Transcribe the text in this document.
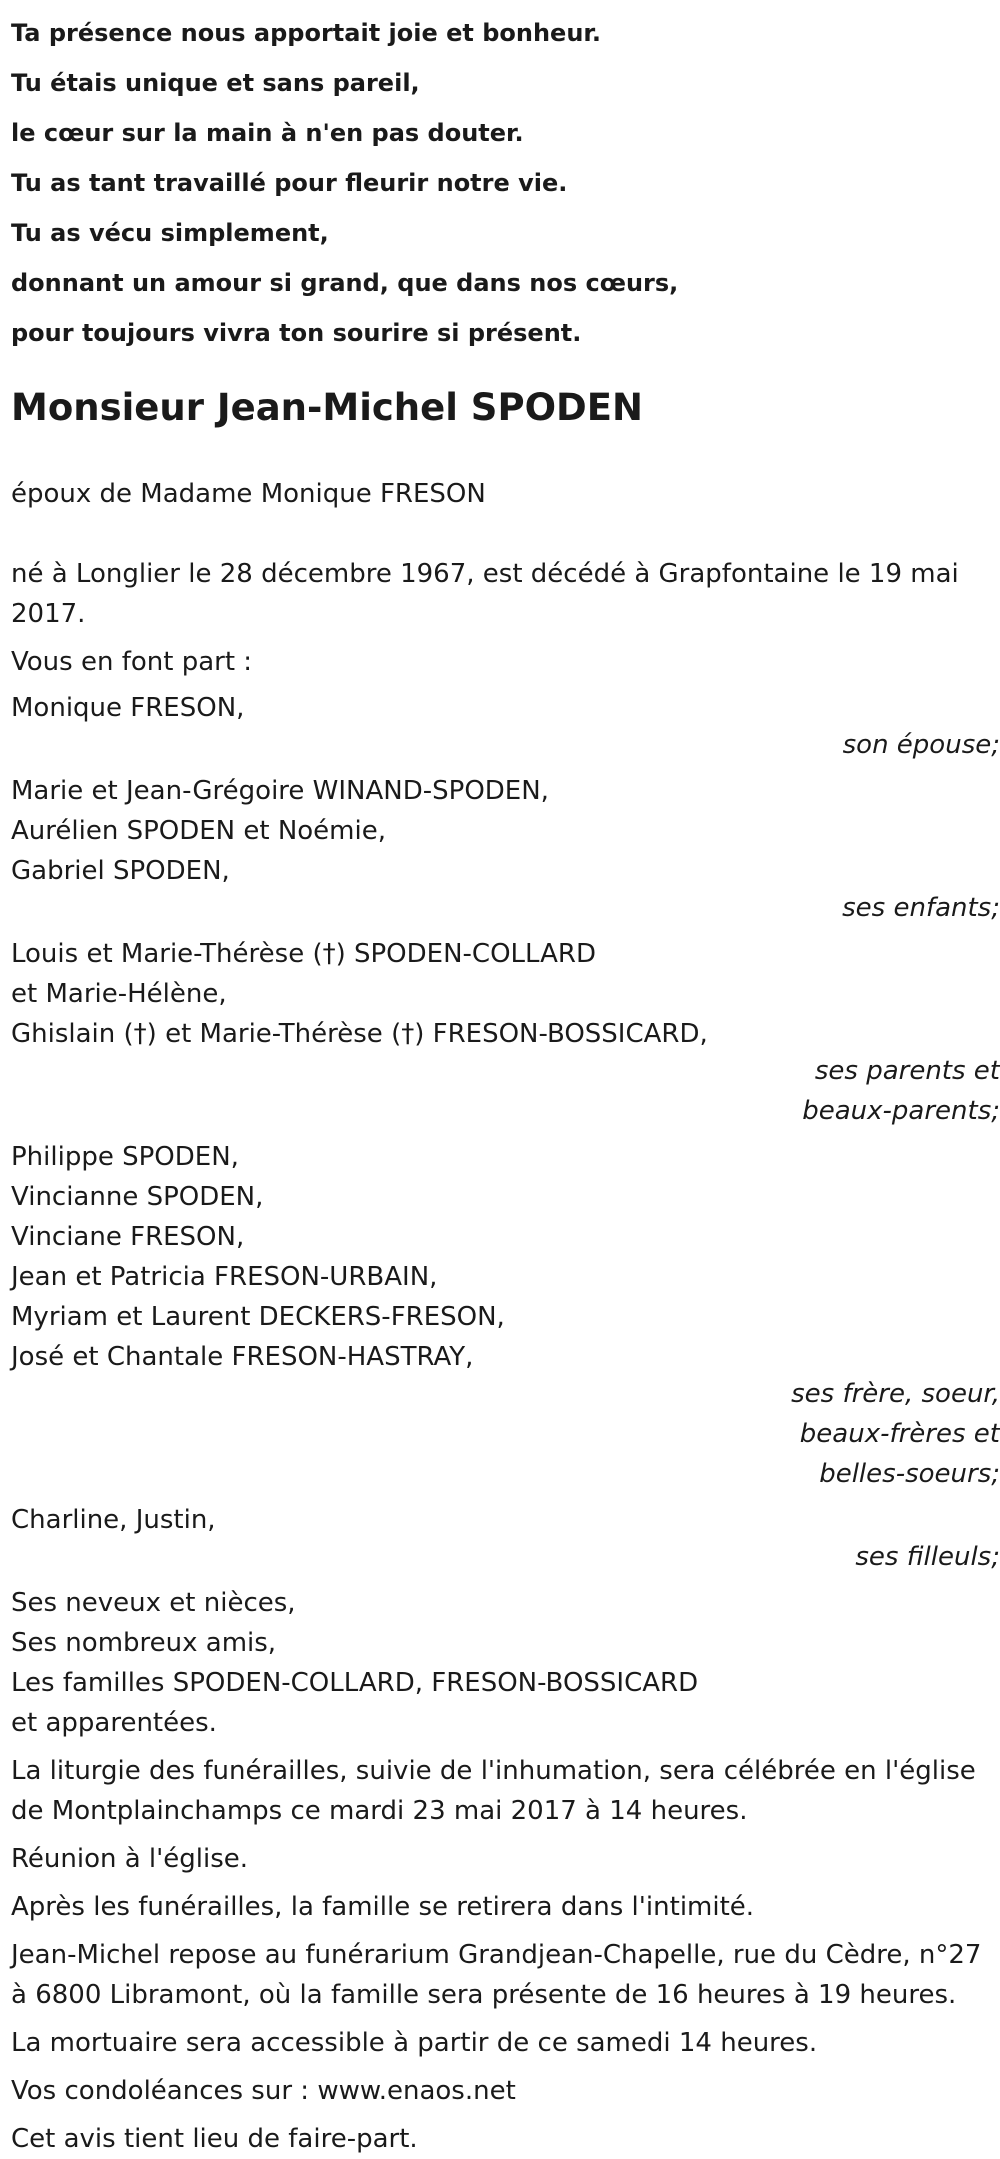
Ta présence nous apportait joie et bonheur.

Tu étais unique et sans pareil,

le cœur sur la main à n'en pas douter.

Tu as tant travaillé pour fleurir notre vie.

Tu as vécu simplement,

donnant un amour si grand, que dans nos cœurs,

pour toujours vivra ton sourire si présent.

Monsieur Jean-Michel SPODEN

époux de Madame Monique FRESON

né à Longlier le 28 décembre 1967, est décédé à Grapfontaine le 19 mai 2017.

Vous en font part :

Monique FRESON,
son épouse;
Marie et Jean-Grégoire WINAND-SPODEN,
Aurélien SPODEN et Noémie,
Gabriel SPODEN,
ses enfants;
Louis et Marie-Thérèse (†) SPODEN-COLLARD
et Marie-Hélène,
Ghislain (†) et Marie-Thérèse (†) FRESON-BOSSICARD,
ses parents et
beaux-parents;
Philippe SPODEN,
Vincianne SPODEN,
Vinciane FRESON,
Jean et Patricia FRESON-URBAIN,
Myriam et Laurent DECKERS-FRESON,
José et Chantale FRESON-HASTRAY,
ses frère, soeur,
beaux-frères et
belles-soeurs;
Charline, Justin,
ses filleuls;

Ses neveux et nièces,

Ses nombreux amis,

Les familles SPODEN-COLLARD, FRESON-BOSSICARD

et apparentées.

La liturgie des funérailles, suivie de l'inhumation, sera célébrée en l'église de Montplainchamps ce mardi 23 mai 2017 à 14 heures.

Réunion à l'église.

Après les funérailles, la famille se retirera dans l'intimité.

Jean-Michel repose au funérarium Grandjean-Chapelle, rue du Cèdre, n°27 à 6800 Libramont, où la famille sera présente de 16 heures à 19 heures.

La mortuaire sera accessible à partir de ce samedi 14 heures.

Vos condoléances sur : www.enaos.net

Cet avis tient lieu de faire-part.
